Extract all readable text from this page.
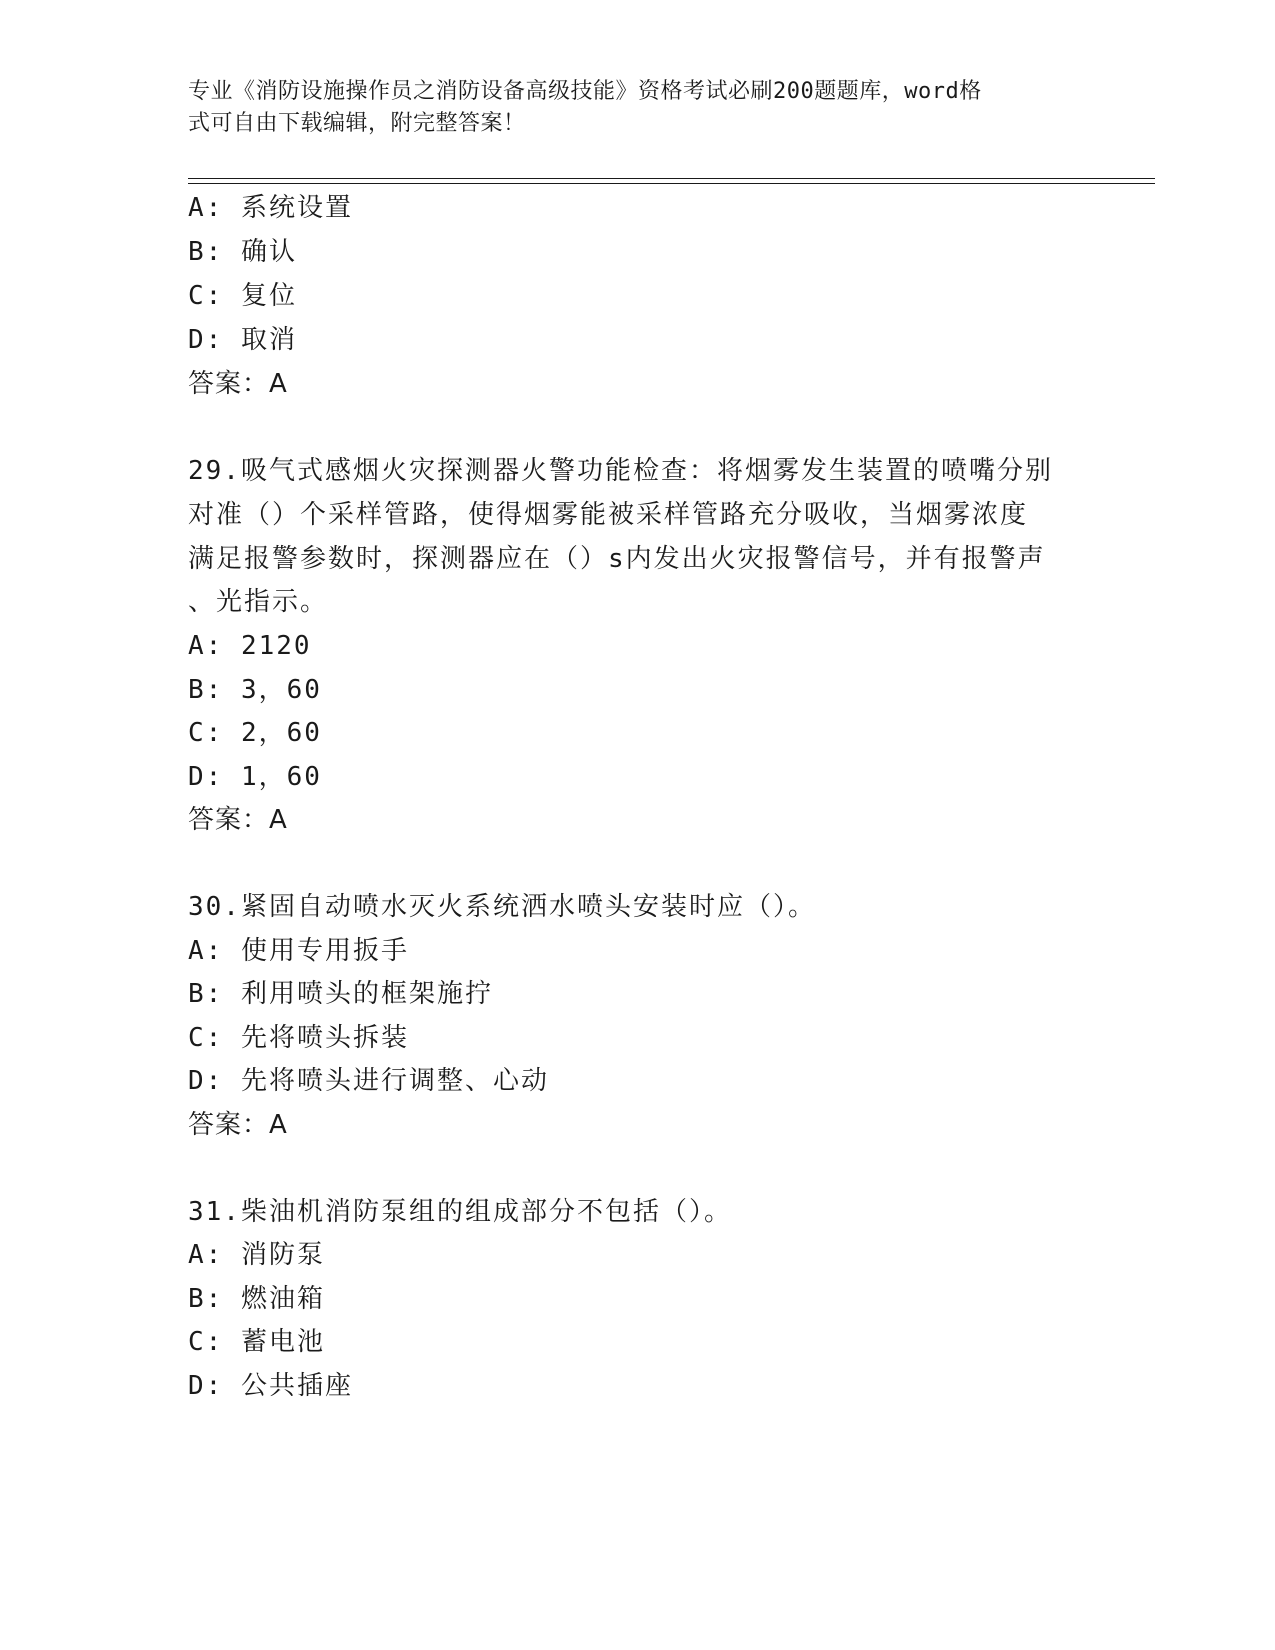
专业《消防设施操作员之消防设备高级技能》资格考试必刷200题题库，word格
式可自由下载编辑，附完整答案！
A: 系统设置
B: 确认
C: 复位
D: 取消
答案：A
29.吸气式感烟火灾探测器火警功能检查：将烟雾发生装置的喷嘴分别
对准（）个采样管路，使得烟雾能被采样管路充分吸收，当烟雾浓度
满足报警参数时，探测器应在（）s内发出火灾报警信号，并有报警声
、光指示。
A: 2120
B: 3，60
C: 2，60
D: 1，60
答案：A
30.紧固自动喷水灭火系统洒水喷头安装时应（）。
A: 使用专用扳手
B: 利用喷头的框架施拧
C: 先将喷头拆装
D: 先将喷头进行调整、心动
答案：A
31.柴油机消防泵组的组成部分不包括（）。
A: 消防泵
B: 燃油箱
C: 蓄电池
D: 公共插座
